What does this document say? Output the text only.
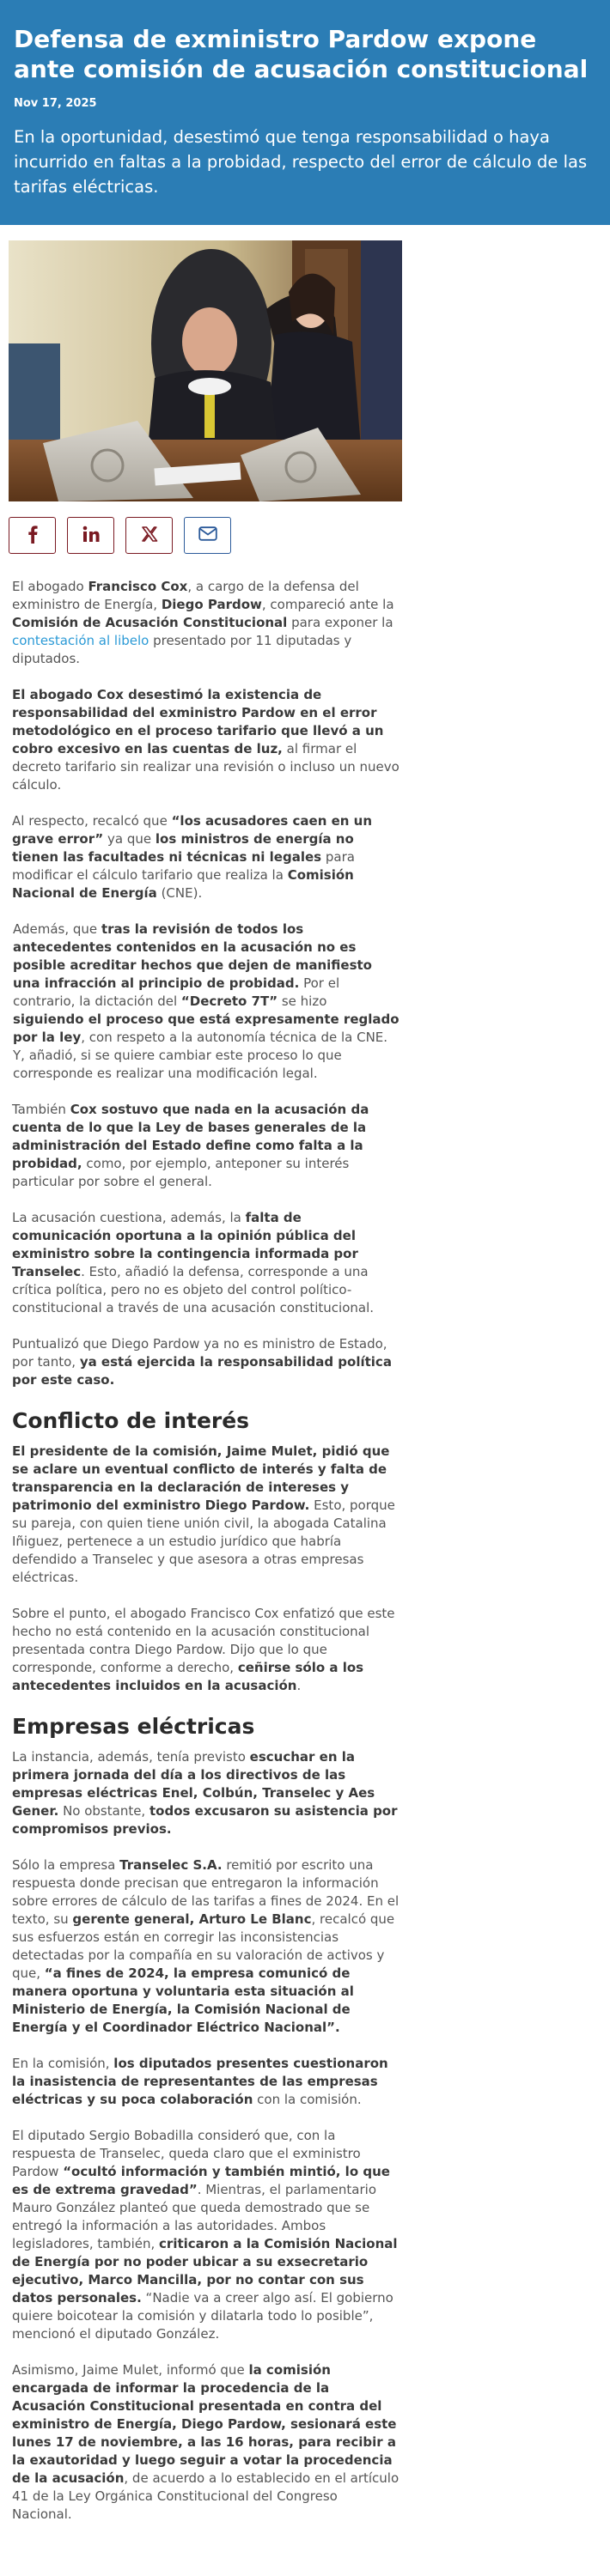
Defensa de exministro Pardow expone ante comisión de acusación constitucional
Nov 17, 2025

En la oportunidad, desestimó que tenga responsabilidad o haya incurrido en faltas a la probidad, respecto del error de cálculo de las tarifas eléctricas.

El abogado Francisco Cox, a cargo de la defensa del exministro de Energía, Diego Pardow, compareció ante la Comisión de Acusación Constitucional para exponer la contestación al libelo presentado por 11 diputadas y diputados.

El abogado Cox desestimó la existencia de responsabilidad del exministro Pardow en el error metodológico en el proceso tarifario que llevó a un cobro excesivo en las cuentas de luz, al firmar el decreto tarifario sin realizar una revisión o incluso un nuevo cálculo.

Al respecto, recalcó que “los acusadores caen en un grave error” ya que los ministros de energía no tienen las facultades ni técnicas ni legales para modificar el cálculo tarifario que realiza la Comisión Nacional de Energía (CNE).

Además, que tras la revisión de todos los antecedentes contenidos en la acusación no es posible acreditar hechos que dejen de manifiesto una infracción al principio de probidad. Por el contrario, la dictación del “Decreto 7T” se hizo siguiendo el proceso que está expresamente reglado por la ley, con respeto a la autonomía técnica de la CNE. Y, añadió, si se quiere cambiar este proceso lo que corresponde es realizar una modificación legal.

También Cox sostuvo que nada en la acusación da cuenta de lo que la Ley de bases generales de la administración del Estado define como falta a la probidad, como, por ejemplo, anteponer su interés particular por sobre el general.

La acusación cuestiona, además, la falta de comunicación oportuna a la opinión pública del exministro sobre la contingencia informada por Transelec. Esto, añadió la defensa, corresponde a una crítica política, pero no es objeto del control político-constitucional a través de una acusación constitucional.

Puntualizó que Diego Pardow ya no es ministro de Estado, por tanto, ya está ejercida la responsabilidad política por este caso.

Conflicto de interés

El presidente de la comisión, Jaime Mulet, pidió que se aclare un eventual conflicto de interés y falta de transparencia en la declaración de intereses y patrimonio del exministro Diego Pardow. Esto, porque su pareja, con quien tiene unión civil, la abogada Catalina Iñiguez, pertenece a un estudio jurídico que habría defendido a Transelec y que asesora a otras empresas eléctricas.

Sobre el punto, el abogado Francisco Cox enfatizó que este hecho no está contenido en la acusación constitucional presentada contra Diego Pardow. Dijo que lo que corresponde, conforme a derecho, ceñirse sólo a los antecedentes incluidos en la acusación.

Empresas eléctricas

La instancia, además, tenía previsto escuchar en la primera jornada del día a los directivos de las empresas eléctricas Enel, Colbún, Transelec y Aes Gener. No obstante, todos excusaron su asistencia por compromisos previos.

Sólo la empresa Transelec S.A. remitió por escrito una respuesta donde precisan que entregaron la información sobre errores de cálculo de las tarifas a fines de 2024. En el texto, su gerente general, Arturo Le Blanc, recalcó que sus esfuerzos están en corregir las inconsistencias detectadas por la compañía en su valoración de activos y que, “a fines de 2024, la empresa comunicó de manera oportuna y voluntaria esta situación al Ministerio de Energía, la Comisión Nacional de Energía y el Coordinador Eléctrico Nacional”.

En la comisión, los diputados presentes cuestionaron la inasistencia de representantes de las empresas eléctricas y su poca colaboración con la comisión.

El diputado Sergio Bobadilla consideró que, con la respuesta de Transelec, queda claro que el exministro Pardow “ocultó información y también mintió, lo que es de extrema gravedad”. Mientras, el parlamentario Mauro González planteó que queda demostrado que se entregó la información a las autoridades. Ambos legisladores, también, criticaron a la Comisión Nacional de Energía por no poder ubicar a su exsecretario ejecutivo, Marco Mancilla, por no contar con sus datos personales. “Nadie va a creer algo así. El gobierno quiere boicotear la comisión y dilatarla todo lo posible”, mencionó el diputado González.

Asimismo, Jaime Mulet, informó que la comisión encargada de informar la procedencia de la Acusación Constitucional presentada en contra del exministro de Energía, Diego Pardow, sesionará este lunes 17 de noviembre, a las 16 horas, para recibir a la exautoridad y luego seguir a votar la procedencia de la acusación, de acuerdo a lo establecido en el artículo 41 de la Ley Orgánica Constitucional del Congreso Nacional.
